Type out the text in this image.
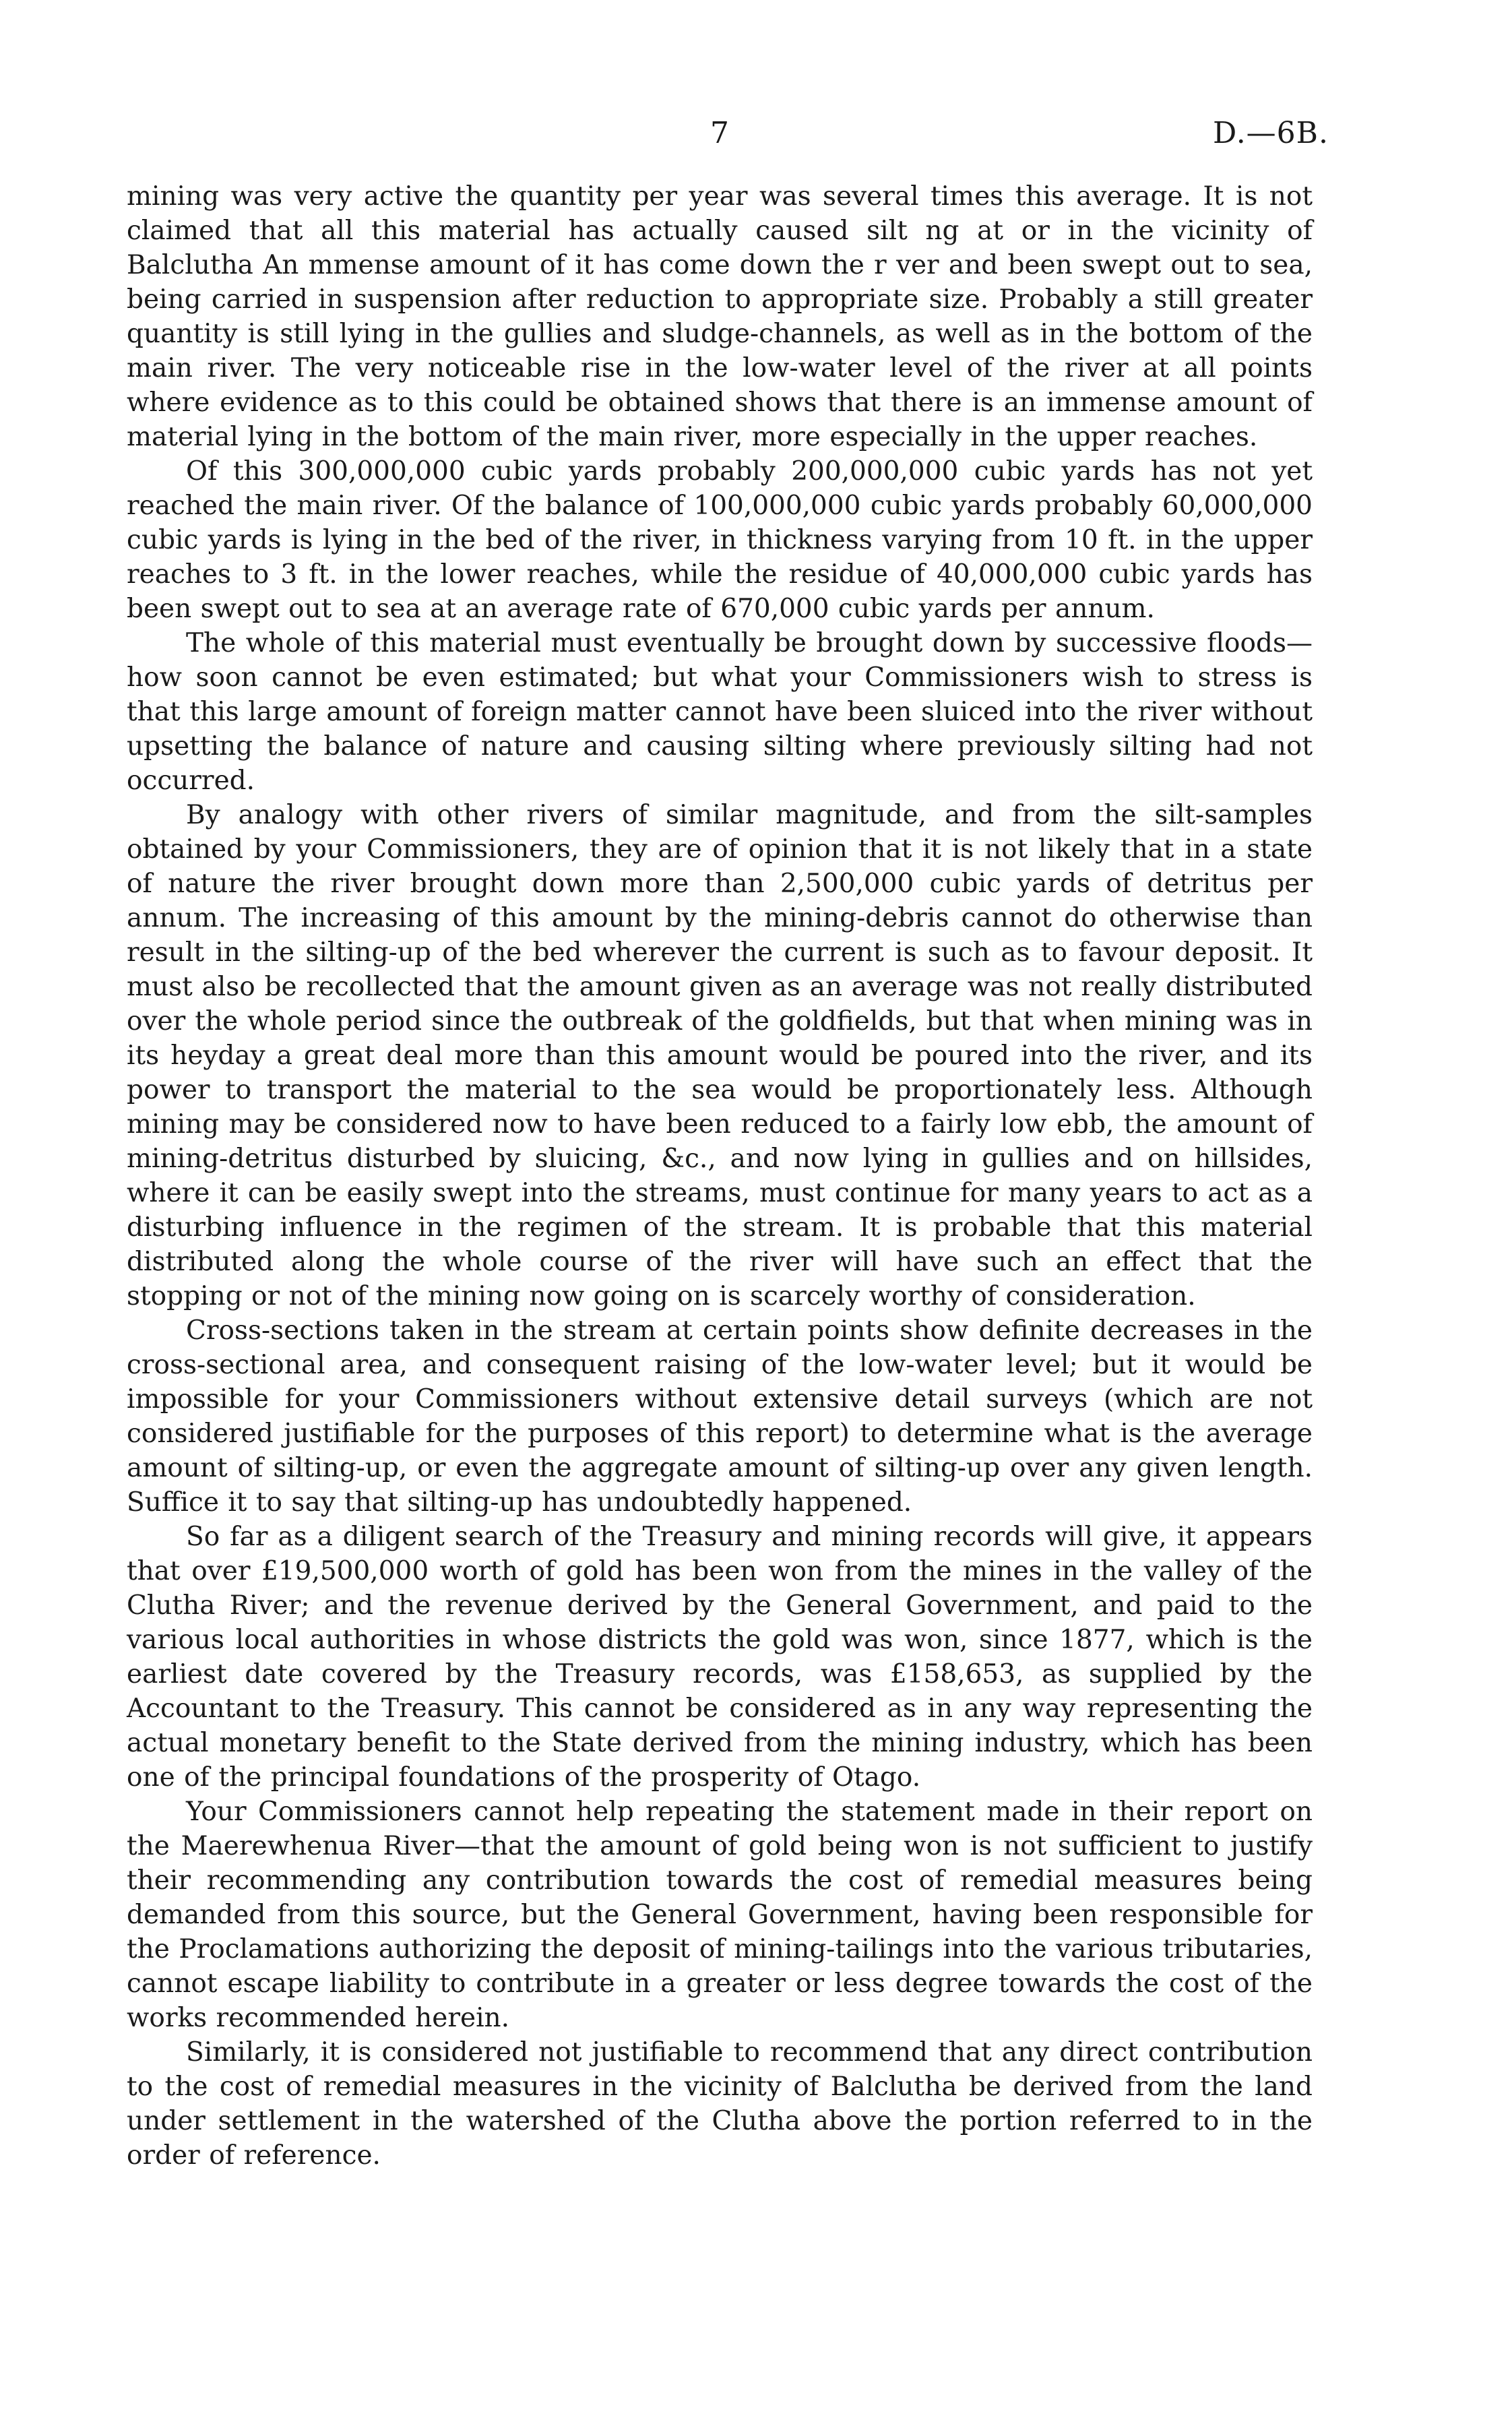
7	D.—6B.

mining was very active the quantity per year was several times this average. It is not claimed that all this material has actually caused silt ng at or in the vicinity of Balclutha An mmense amount of it has come down the r ver and been swept out to sea, being carried in suspension after reduction to appropriate size. Probably a still greater quantity is still lying in the gullies and sludge-channels, as well as in the bottom of the main river. The very noticeable rise in the low-water level of the river at all points where evidence as to this could be obtained shows that there is an immense amount of material lying in the bottom of the main river, more especially in the upper reaches.

Of this 300,000,000 cubic yards probably 200,000,000 cubic yards has not yet reached the main river. Of the balance of 100,000,000 cubic yards probably 60,000,000 cubic yards is lying in the bed of the river, in thickness varying from 10 ft. in the upper reaches to 3 ft. in the lower reaches, while the residue of 40,000,000 cubic yards has been swept out to sea at an average rate of 670,000 cubic yards per annum.

The whole of this material must eventually be brought down by successive floods—how soon cannot be even estimated; but what your Commissioners wish to stress is that this large amount of foreign matter cannot have been sluiced into the river without upsetting the balance of nature and causing silting where previously silting had not occurred.

By analogy with other rivers of similar magnitude, and from the silt-samples obtained by your Commissioners, they are of opinion that it is not likely that in a state of nature the river brought down more than 2,500,000 cubic yards of detritus per annum. The increasing of this amount by the mining-debris cannot do otherwise than result in the silting-up of the bed wherever the current is such as to favour deposit. It must also be recollected that the amount given as an average was not really distributed over the whole period since the outbreak of the goldfields, but that when mining was in its heyday a great deal more than this amount would be poured into the river, and its power to transport the material to the sea would be proportionately less. Although mining may be considered now to have been reduced to a fairly low ebb, the amount of mining-detritus disturbed by sluicing, &c., and now lying in gullies and on hillsides, where it can be easily swept into the streams, must continue for many years to act as a disturbing influence in the regimen of the stream. It is probable that this material distributed along the whole course of the river will have such an effect that the stopping or not of the mining now going on is scarcely worthy of consideration.

Cross-sections taken in the stream at certain points show definite decreases in the cross-sectional area, and consequent raising of the low-water level; but it would be impossible for your Commissioners without extensive detail surveys (which are not considered justifiable for the purposes of this report) to determine what is the average amount of silting-up, or even the aggregate amount of silting-up over any given length. Suffice it to say that silting-up has undoubtedly happened.

So far as a diligent search of the Treasury and mining records will give, it appears that over £19,500,000 worth of gold has been won from the mines in the valley of the Clutha River; and the revenue derived by the General Government, and paid to the various local authorities in whose districts the gold was won, since 1877, which is the earliest date covered by the Treasury records, was £158,653, as supplied by the Accountant to the Treasury. This cannot be considered as in any way representing the actual monetary benefit to the State derived from the mining industry, which has been one of the principal foundations of the prosperity of Otago.

Your Commissioners cannot help repeating the statement made in their report on the Maerewhenua River—that the amount of gold being won is not sufficient to justify their recommending any contribution towards the cost of remedial measures being demanded from this source, but the General Government, having been responsible for the Proclamations authorizing the deposit of mining-tailings into the various tributaries, cannot escape liability to contribute in a greater or less degree towards the cost of the works recommended herein.

Similarly, it is considered not justifiable to recommend that any direct contribution to the cost of remedial measures in the vicinity of Balclutha be derived from the land under settlement in the watershed of the Clutha above the portion referred to in the order of reference.
